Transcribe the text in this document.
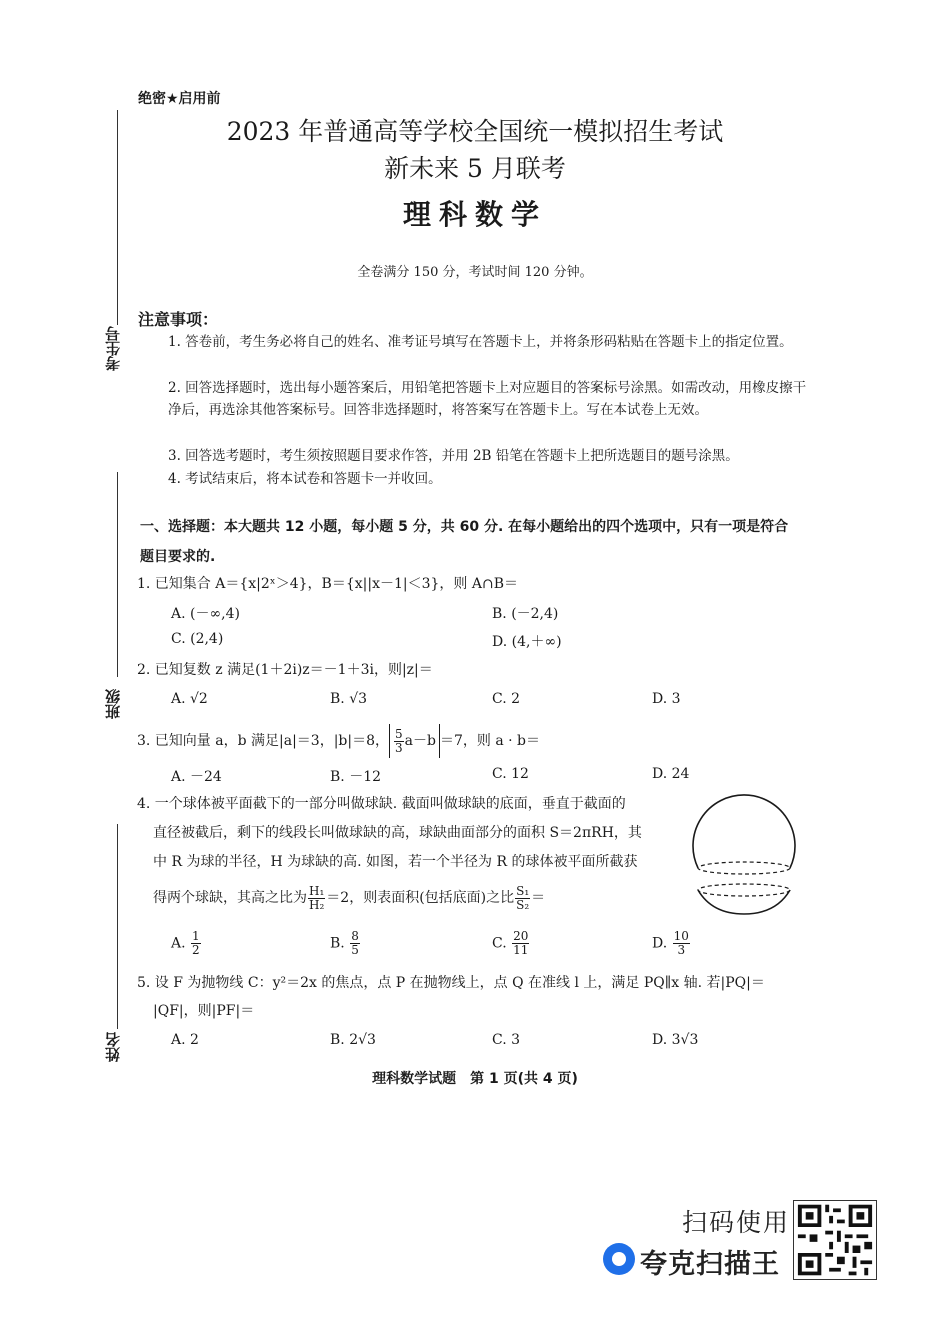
考生号
班级
姓名
绝密★启用前
2023 年普通高等学校全国统一模拟招生考试
新未来 5 月联考
理科数学
全卷满分 150 分，考试时间 120 分钟。
注意事项：
1. 答卷前，考生务必将自己的姓名、准考证号填写在答题卡上，并将条形码粘贴在答题卡上的指定位置。
2. 回答选择题时，选出每小题答案后，用铅笔把答题卡上对应题目的答案标号涂黑。如需改动，用橡皮擦干净后，再选涂其他答案标号。回答非选择题时，将答案写在答题卡上。写在本试卷上无效。
3. 回答选考题时，考生须按照题目要求作答，并用 2B 铅笔在答题卡上把所选题目的题号涂黑。
4. 考试结束后，将本试卷和答题卡一并收回。
一、选择题：本大题共 12 小题，每小题 5 分，共 60 分. 在每小题给出的四个选项中，只有一项是符合题目要求的.
1. 已知集合 A＝{x|2ˣ＞4}，B＝{x||x－1|＜3}，则 A∩B＝
A. (－∞,4)	B. (－2,4)
C. (2,4)	D. (4,＋∞)
2. 已知复数 z 满足(1＋2i)z＝－1＋3i，则|z|＝
A. √2	B. √3	C. 2	D. 3
3. 已知向量 a，b 满足|a|＝3，|b|＝8， $\frac{5}{3} a-b =7$，则 a · b＝
A. －24	B. －12	C. 12	D. 24
4. 一个球体被平面截下的一部分叫做球缺. 截面叫做球缺的底面，垂直于截面的
直径被截后，剩下的线段长叫做球缺的高，球缺曲面部分的面积 S＝2πRH，其
中 R 为球的半径，H 为球缺的高. 如图，若一个半径为 R 的球体被平面所截获
得两个球缺，其高之比为 $\frac{\text{H₁}}{\text{H₂}} =2$，则表面积(包括底面)之比 $\frac{\text{S₁}}{\text{S₂}}$ ＝
A. $\frac{1}{2}$	B. $\frac{8}{5}$	C. $\frac{20}{11}$	D. $\frac{10}{3}$
5. 设 F 为抛物线 C：y²＝2x 的焦点，点 P 在抛物线上，点 Q 在准线 l 上，满足 PQ∥x 轴. 若|PQ|＝
|QF|，则|PF|＝
A. 2	B. 2√3	C. 3	D. 3√3
理科数学试题　第 1 页(共 4 页)
扫码使用
夸克扫描王
